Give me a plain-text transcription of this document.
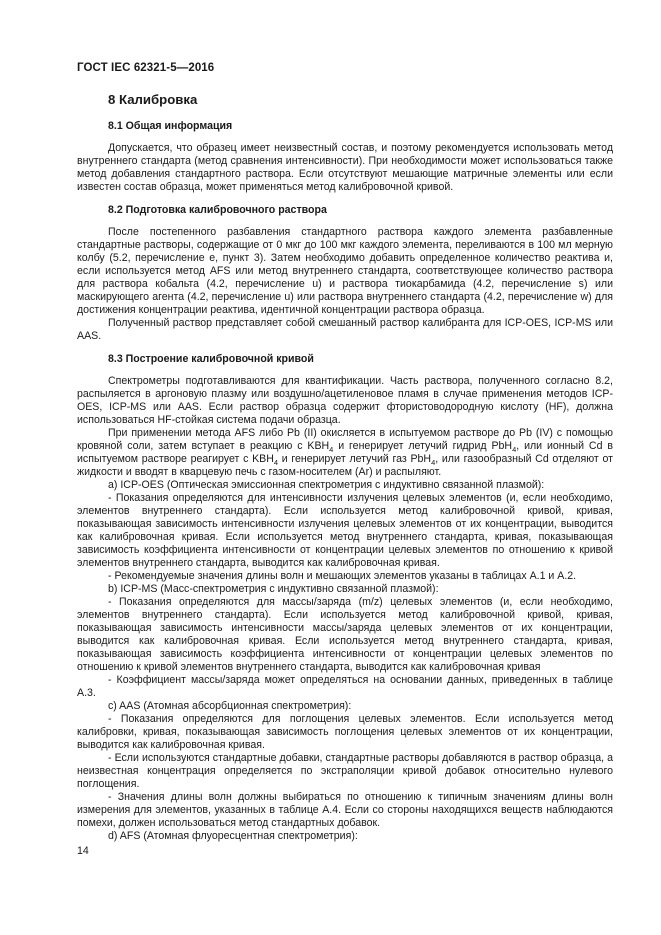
ГОСТ IEC 62321-5—2016
8 Калибровка
8.1 Общая информация

Допускается, что образец имеет неизвестный состав, и поэтому рекомендуется использовать метод внутреннего стандарта (метод сравнения интенсивности). При необходимости может использоваться также метод добавления стандартного раствора. Если отсутствуют мешающие матричные элементы или если известен состав образца, может применяться метод калибровочной кривой.

8.2 Подготовка калибровочного раствора

После постепенного разбавления стандартного раствора каждого элемента разбавленные стандартные растворы, содержащие от 0 мкг до 100 мкг каждого элемента, переливаются в 100 мл мерную колбу (5.2, перечисление e, пункт 3). Затем необходимо добавить определенное количество реактива и, если используется метод AFS или метод внутреннего стандарта, соответствующее количество раствора для раствора кобальта (4.2, перечисление u) и раствора тиокарбамида (4.2, перечисление s) или маскирующего агента (4.2, перечисление u) или раствора внутреннего стандарта (4.2, перечисление w) для достижения концентрации реактива, идентичной концентрации раствора образца.

Полученный раствор представляет собой смешанный раствор калибранта для ICP-OES, ICP-MS или AAS.

8.3 Построение калибровочной кривой

Спектрометры подготавливаются для квантификации. Часть раствора, полученного согласно 8.2, распыляется в аргоновую плазму или воздушно/ацетиленовое пламя в случае применения методов ICP-OES, ICP-MS или AAS. Если раствор образца содержит фтористоводородную кислоту (HF), должна использоваться HF-стойкая система подачи образца.

При применении метода AFS либо Pb (II) окисляется в испытуемом растворе до Pb (IV) с помощью кровяной соли, затем вступает в реакцию с $KBH_4$ и генерирует летучий гидрид PbH$_4$, или ионный Cd в испытуемом растворе реагирует с $KBH_4$ и генерирует летучий газ PbH$_4$, или газообразный Cd отделяют от жидкости и вводят в кварцевую печь с газом-носителем (Ar) и распыляют.

a) ICP-OES (Оптическая эмиссионная спектрометрия с индуктивно связанной плазмой):

- Показания определяются для интенсивности излучения целевых элементов (и, если необходимо, элементов внутреннего стандарта). Если используется метод калибровочной кривой, кривая, показывающая зависимость интенсивности излучения целевых элементов от их концентрации, выводится как калибровочная кривая. Если используется метод внутреннего стандарта, кривая, показывающая зависимость коэффициента интенсивности от концентрации целевых элементов по отношению к кривой элементов внутреннего стандарта, выводится как калибровочная кривая.

- Рекомендуемые значения длины волн и мешающих элементов указаны в таблицах А.1 и А.2.

b) ICP-MS (Масс-спектрометрия с индуктивно связанной плазмой):

- Показания определяются для массы/заряда (m/z) целевых элементов (и, если необходимо, элементов внутреннего стандарта). Если используется метод калибровочной кривой, кривая, показывающая зависимость интенсивности массы/заряда целевых элементов от их концентрации, выводится как калибровочная кривая. Если используется метод внутреннего стандарта, кривая, показывающая зависимость коэффициента интенсивности от концентрации целевых элементов по отношению к кривой элементов внутреннего стандарта, выводится как калибровочная кривая

- Коэффициент массы/заряда может определяться на основании данных, приведенных в таблице А.3.

c) AAS (Атомная абсорбционная спектрометрия):

- Показания определяются для поглощения целевых элементов. Если используется метод калибровки, кривая, показывающая зависимость поглощения целевых элементов от их концентрации, выводится как калибровочная кривая.

- Если используются стандартные добавки, стандартные растворы добавляются в раствор образца, а неизвестная концентрация определяется по экстраполяции кривой добавок относительно нулевого поглощения.

- Значения длины волн должны выбираться по отношению к типичным значениям длины волн измерения для элементов, указанных в таблице А.4. Если со стороны находящихся веществ наблюдаются помехи, должен использоваться метод стандартных добавок.

d) AFS (Атомная флуоресцентная спектрометрия):

14
